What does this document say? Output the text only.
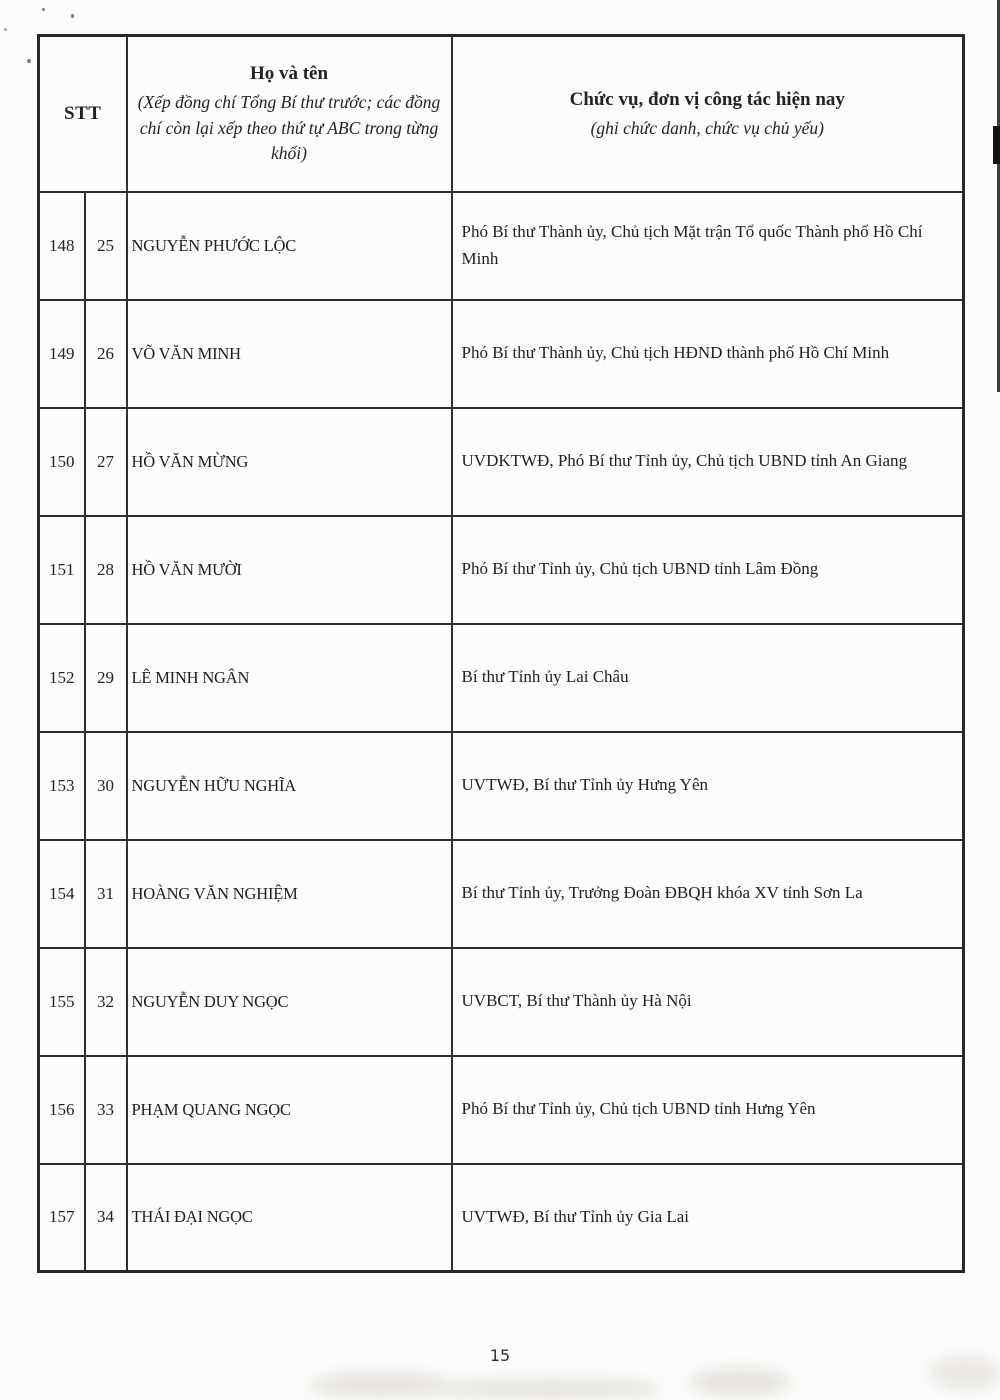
STT	
Họ và tên
(Xếp đồng chí Tổng Bí thư trước; các đồng chí còn lại xếp theo thứ tự ABC trong từng khối)

Chức vụ, đơn vị công tác hiện nay
(ghi chức danh, chức vụ chủ yếu)

148	25	NGUYỄN PHƯỚC LỘC	Phó Bí thư Thành ủy, Chủ tịch Mặt trận Tổ quốc Thành phố Hồ Chí Minh
149	26	VÕ VĂN MINH	Phó Bí thư Thành ủy, Chủ tịch HĐND thành phố Hồ Chí Minh
150	27	HỒ VĂN MỪNG	UVDKTWĐ, Phó Bí thư Tỉnh ủy, Chủ tịch UBND tỉnh An Giang
151	28	HỒ VĂN MƯỜI	Phó Bí thư Tỉnh ủy, Chủ tịch UBND tỉnh Lâm Đồng
152	29	LÊ MINH NGÂN	Bí thư Tỉnh ủy Lai Châu
153	30	NGUYỄN HỮU NGHĨA	UVTWĐ, Bí thư Tỉnh ủy Hưng Yên
154	31	HOÀNG VĂN NGHIỆM	Bí thư Tỉnh ủy, Trưởng Đoàn ĐBQH khóa XV tỉnh Sơn La
155	32	NGUYỄN DUY NGỌC	UVBCT, Bí thư Thành ủy Hà Nội
156	33	PHẠM QUANG NGỌC	Phó Bí thư Tỉnh ủy, Chủ tịch UBND tỉnh Hưng Yên
157	34	THÁI ĐẠI NGỌC	UVTWĐ, Bí thư Tỉnh ủy Gia Lai
15
